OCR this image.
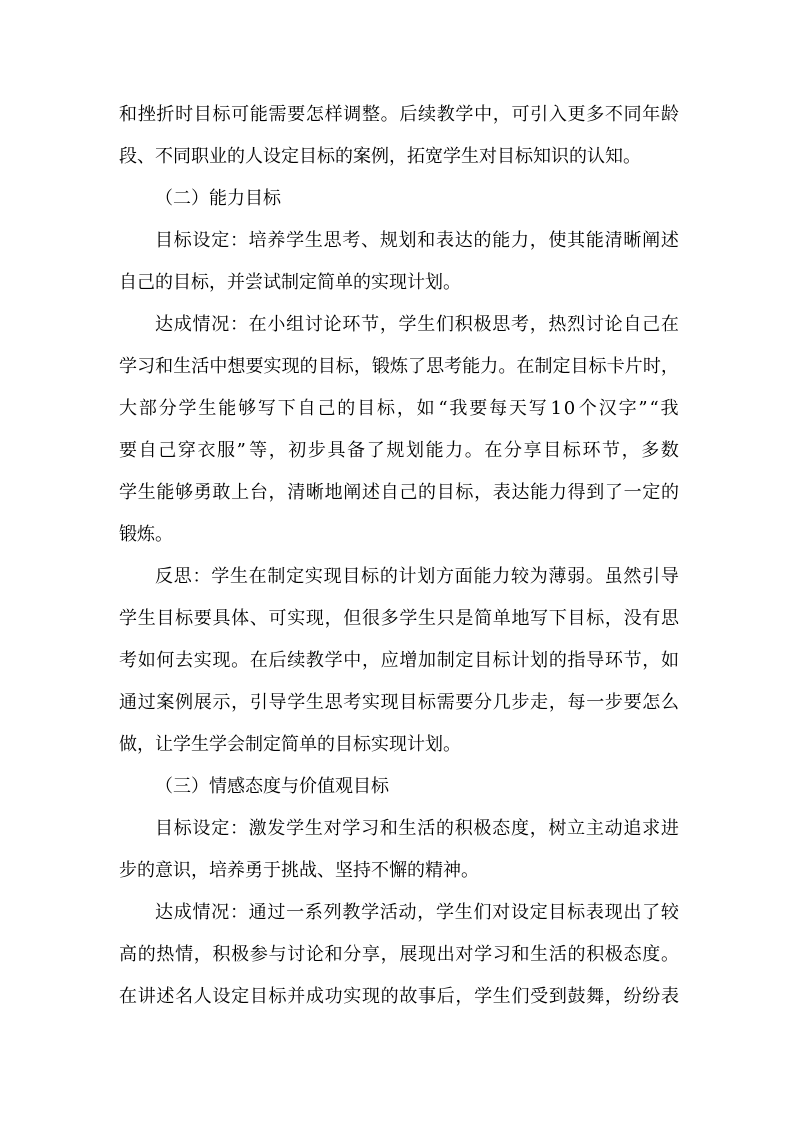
和 挫 折 时 目 标 可 能 需 要 怎 样 调 整 。 后 续 教 学 中 ， 可 引 入 更 多 不 同 年 龄
段、不同职业的人设定目标的案例，拓宽学生对目标知识的认知。
（二）能力目标
目 标 设 定 ： 培 养 学 生 思 考 、 规 划 和 表 达 的 能 力 ， 使 其 能 清 晰 阐 述
自己的目标，并尝试制定简单的实现计划。
达 成 情 况 ： 在 小 组 讨 论 环 节 ， 学 生 们 积 极 思 考 ， 热 烈 讨 论 自 己 在
学 习 和 生 活 中 想 要 实 现 的 目 标 ， 锻 炼 了 思 考 能 力 。 在 制 定 目 标 卡 片 时 ，
大 部 分 学 生 能 够 写 下 自 己 的 目 标 ， 如 “ 我 要 每 天 写 1 0 个 汉 字 ” “ 我
要 自 己 穿 衣 服 ” 等 ， 初 步 具 备 了 规 划 能 力 。 在 分 享 目 标 环 节 ， 多 数
学 生 能 够 勇 敢 上 台 ， 清 晰 地 阐 述 自 己 的 目 标 ， 表 达 能 力 得 到 了 一 定 的
锻炼。
反 思 ： 学 生 在 制 定 实 现 目 标 的 计 划 方 面 能 力 较 为 薄 弱 。 虽 然 引 导
学 生 目 标 要 具 体 、 可 实 现 ， 但 很 多 学 生 只 是 简 单 地 写 下 目 标 ， 没 有 思
考 如 何 去 实 现 。 在 后 续 教 学 中 ， 应 增 加 制 定 目 标 计 划 的 指 导 环 节 ， 如
通 过 案 例 展 示 ， 引 导 学 生 思 考 实 现 目 标 需 要 分 几 步 走 ， 每 一 步 要 怎 么
做，让学生学会制定简单的目标实现计划。
（三）情感态度与价值观目标
目 标 设 定 ： 激 发 学 生 对 学 习 和 生 活 的 积 极 态 度 ， 树 立 主 动 追 求 进
步的意识，培养勇于挑战、坚持不懈的精神。
达 成 情 况 ： 通 过 一 系 列 教 学 活 动 ， 学 生 们 对 设 定 目 标 表 现 出 了 较
高 的 热 情 ， 积 极 参 与 讨 论 和 分 享 ， 展 现 出 对 学 习 和 生 活 的 积 极 态 度 。
在 讲 述 名 人 设 定 目 标 并 成 功 实 现 的 故 事 后 ， 学 生 们 受 到 鼓 舞 ， 纷 纷 表
